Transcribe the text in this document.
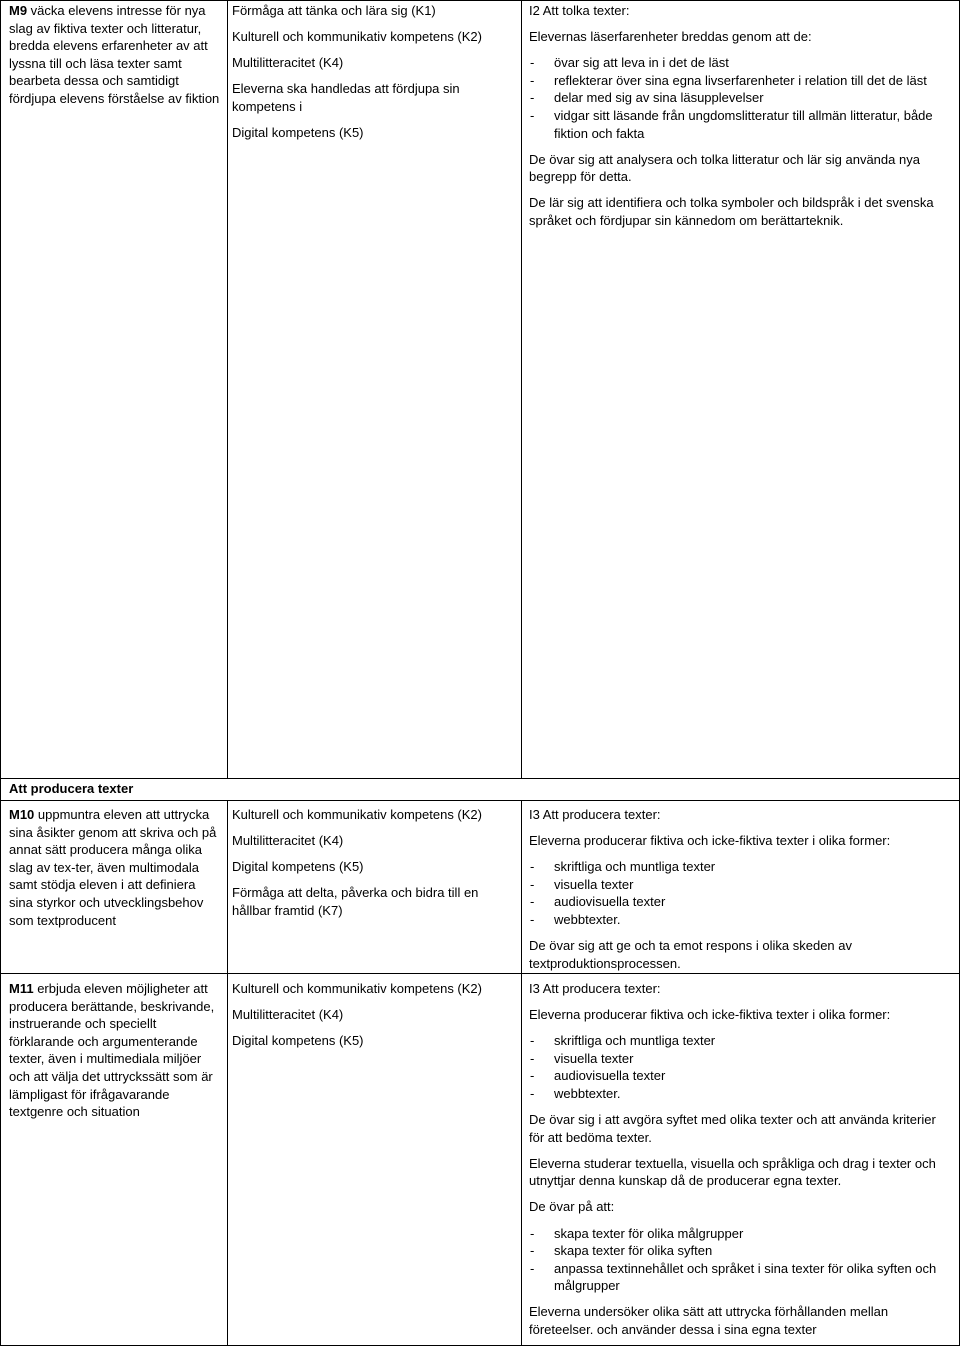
M9 väcka elevens intresse för nya slag av fiktiva texter och litteratur, bredda elevens erfarenheter av att lyssna till och läsa texter samt bearbeta dessa och samtidigt fördjupa elevens förståelse av fiktion
Förmåga att tänka och lära sig (K1)
Kulturell och kommunikativ kompetens (K2)
Multilitteracitet (K4)
Eleverna ska handledas att fördjupa sin kompetens i
Digital kompetens (K5)
I2 Att tolka texter:
Elevernas läserfarenheter breddas genom att de:
- övar sig att leva in i det de läst
- reflekterar över sina egna livserfarenheter i relation till det de läst
- delar med sig av sina läsupplevelser
- vidgar sitt läsande från ungdomslitteratur till allmän litteratur, både fiktion och fakta
De övar sig att analysera och tolka litteratur och lär sig använda nya begrepp för detta.
De lär sig att identifiera och tolka symboler och bildspråk i det svenska språket och fördjupar sin kännedom om berättarteknik.
Att producera texter
M10 uppmuntra eleven att uttrycka sina åsikter genom att skriva och på annat sätt producera många olika slag av tex-ter, även multimodala samt stödja eleven i att definiera sina styrkor och utvecklingsbehov som textproducent
Kulturell och kommunikativ kompetens (K2)
Multilitteracitet (K4)
Digital kompetens (K5)
Förmåga att delta, påverka och bidra till en hållbar framtid (K7)
I3 Att producera texter:
Eleverna producerar fiktiva och icke-fiktiva texter i olika former:
- skriftliga och muntliga texter
- visuella texter
- audiovisuella texter
- webbtexter.
De övar sig att ge och ta emot respons i olika skeden av textproduktionsprocessen.
M11 erbjuda eleven möjligheter att producera berättande, beskrivande, instruerande och speciellt förklarande och argumenterande texter, även i multimediala miljöer och att välja det uttryckssätt som är lämpligast för ifrågavarande textgenre och situation
Kulturell och kommunikativ kompetens (K2)
Multilitteracitet (K4)
Digital kompetens (K5)
I3 Att producera texter:
Eleverna producerar fiktiva och icke-fiktiva texter i olika former:
- skriftliga och muntliga texter
- visuella texter
- audiovisuella texter
- webbtexter.
De övar sig i att avgöra syftet med olika texter och att använda kriterier för att bedöma texter.
Eleverna studerar textuella, visuella och språkliga och drag i texter och utnyttjar denna kunskap då de producerar egna texter.
De övar på att:
- skapa texter för olika målgrupper
- skapa texter för olika syften
- anpassa textinnehållet och språket i sina texter för olika syften och målgrupper
Eleverna undersöker olika sätt att uttrycka förhållanden mellan företeelser. och använder dessa i sina egna texter
